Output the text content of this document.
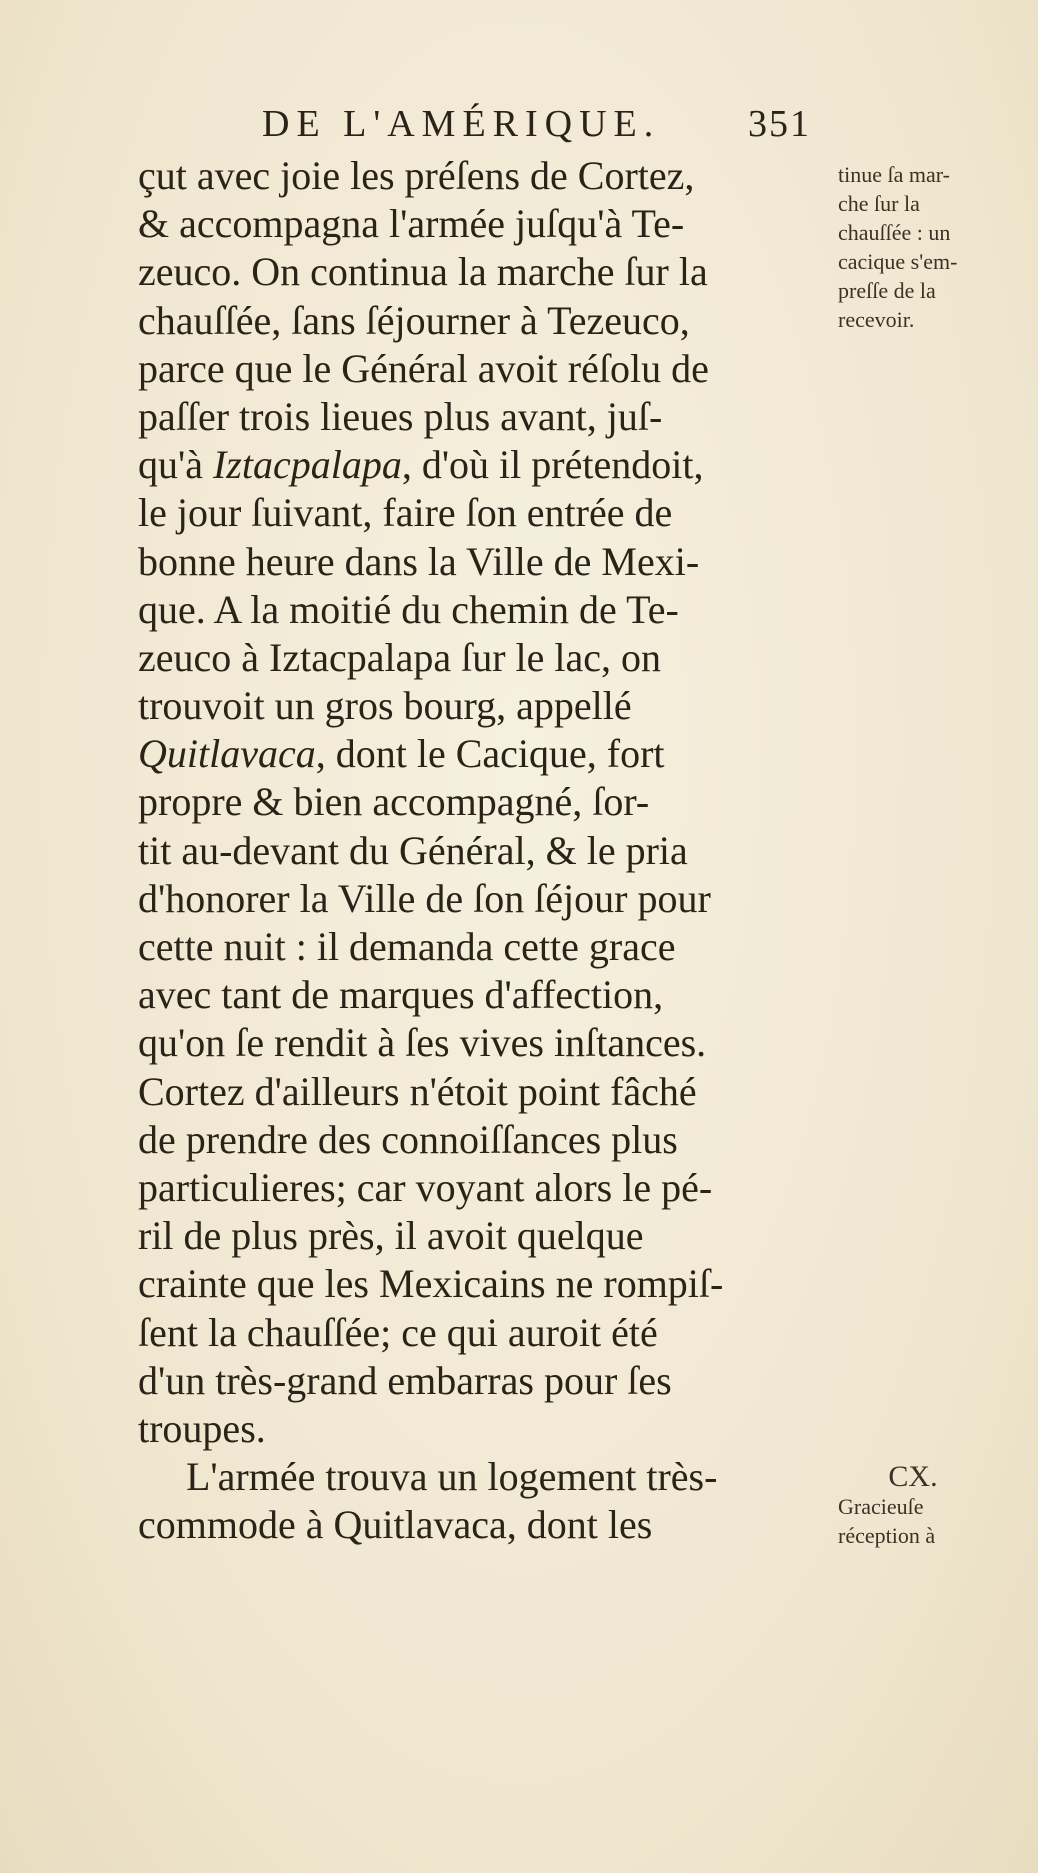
DE L'AMÉRIQUE. 351
çut avec joie les préſens de Cortez,
& accompagna l'armée juſqu'à Te-
zeuco. On continua la marche ſur la
chauſſée, ſans ſéjourner à Tezeuco,
parce que le Général avoit réſolu de
paſſer trois lieues plus avant, juſ-
qu'à Iztacpalapa, d'où il prétendoit,
le jour ſuivant, faire ſon entrée de
bonne heure dans la Ville de Mexi-
que. A la moitié du chemin de Te-
zeuco à Iztacpalapa ſur le lac, on
trouvoit un gros bourg, appellé
Quitlavaca, dont le Cacique, fort
propre & bien accompagné, ſor-
tit au-devant du Général, & le pria
d'honorer la Ville de ſon ſéjour pour
cette nuit : il demanda cette grace
avec tant de marques d'affection,
qu'on ſe rendit à ſes vives inſtances.
Cortez d'ailleurs n'étoit point fâché
de prendre des connoiſſances plus
particulieres; car voyant alors le pé-
ril de plus près, il avoit quelque
crainte que les Mexicains ne rompiſ-
ſent la chauſſée; ce qui auroit été
d'un très-grand embarras pour ſes
troupes.
L'armée trouva un logement très-
commode à Quitlavaca, dont les
tinue ſa mar-
che ſur la
chauſſée : un
cacique s'em-
preſſe de la
recevoir.
CX.
Gracieuſe
réception à
